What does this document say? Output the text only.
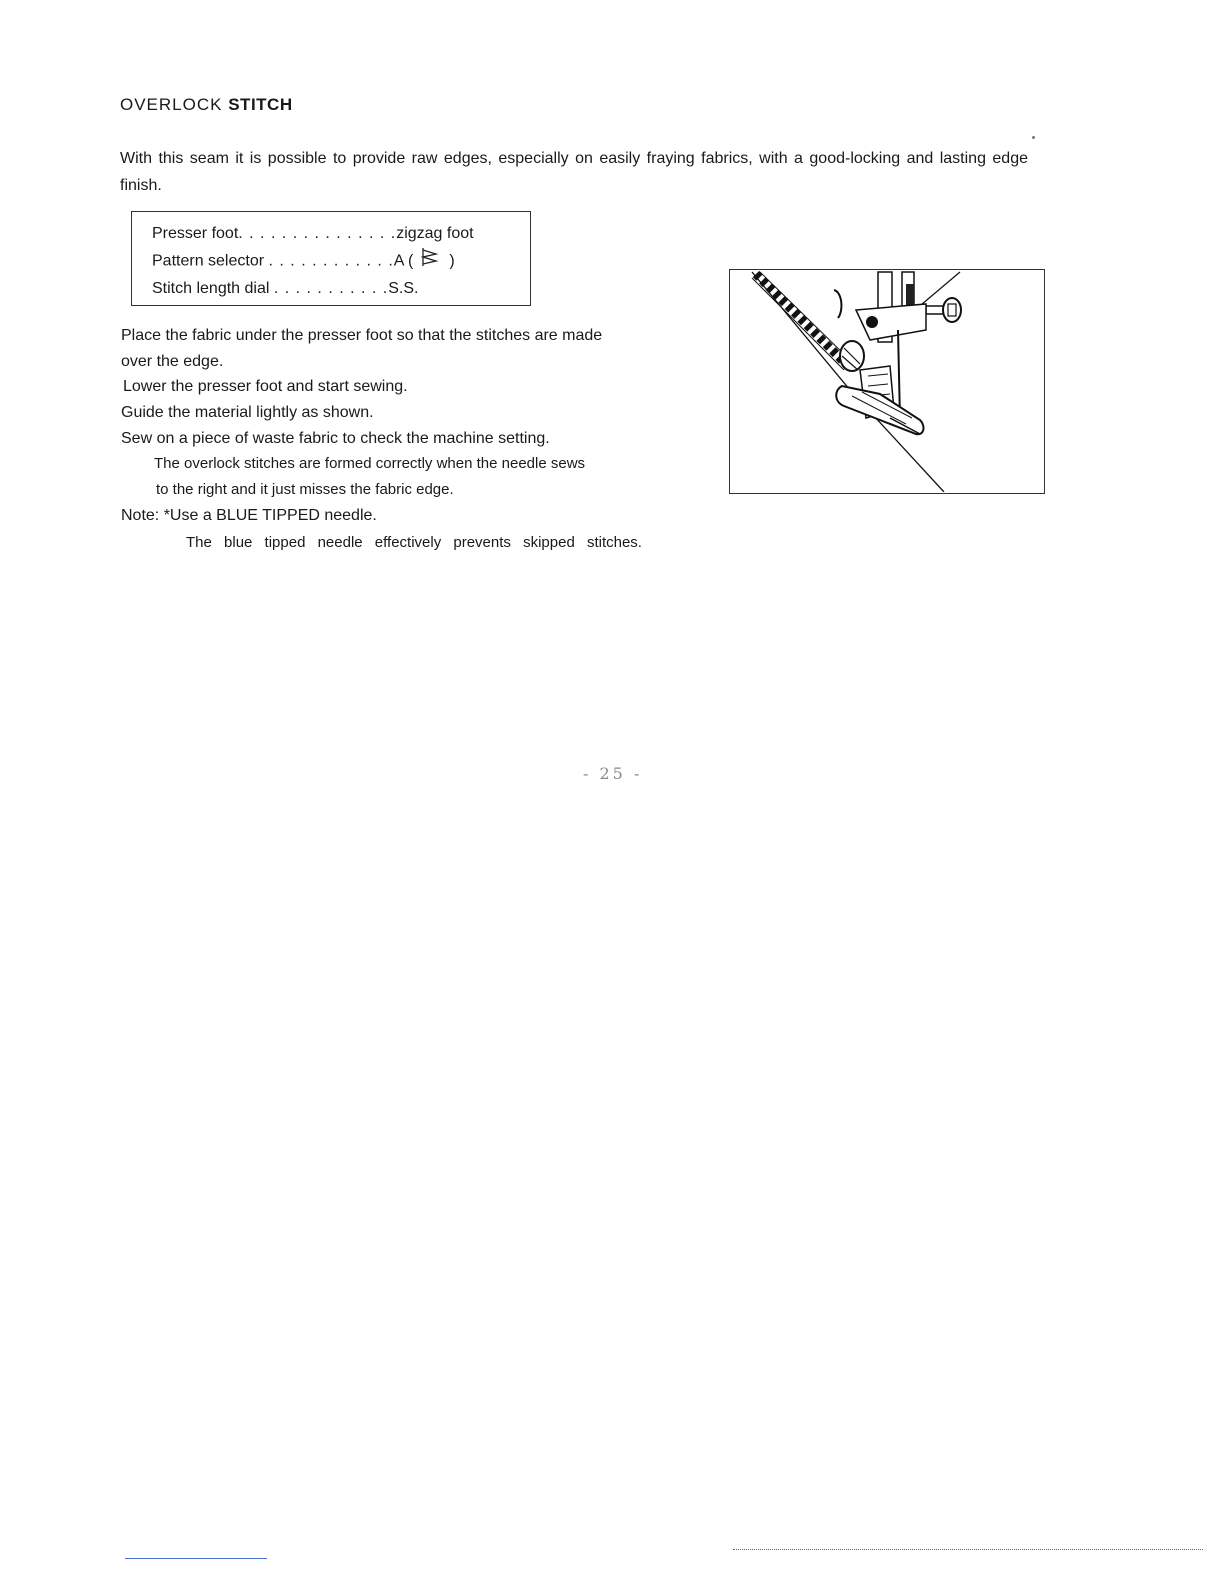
OVERLOCK STITCH
With this seam it is possible to provide raw edges, especially on easily fraying fabrics, with a good-locking and lasting edge finish.
Presser foot. . . . . . . . . . . . . . .zigzag foot
Pattern selector . . . . . . . . . . . .A ( )
Stitch length dial . . . . . . . . . . .S.S.
Place the fabric under the presser foot so that the stitches are made
over the edge.
Lower the presser foot and start sewing.
Guide the material lightly as shown.
Sew on a piece of waste fabric to check the machine setting.
The overlock stitches are formed correctly when the needle sews
to the right and it just misses the fabric edge.
Note: *Use a BLUE TIPPED needle.
The blue tipped needle effectively prevents skipped stitches.
- 25 -
